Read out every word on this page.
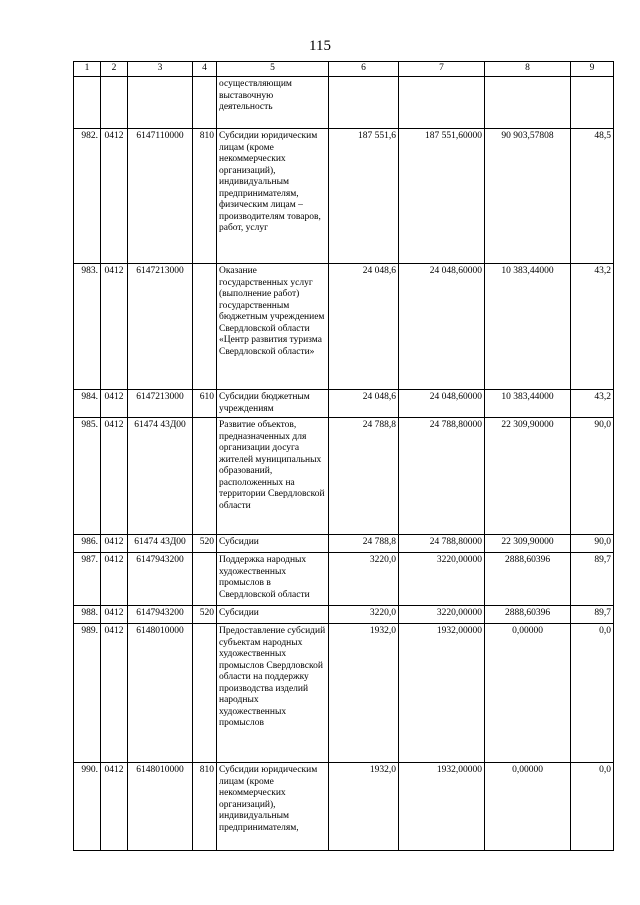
115
1	2	3	4	5	6	7	8	9
				осуществляющим выставочную деятельность				
982.	0412	6147110000	810	Субсидии юридическим лицам (кроме некоммерческих организаций), индивидуальным предпринимателям, физическим лицам – производителям товаров, работ, услуг	187 551,6	187 551,60000	90 903,57808	48,5
983.	0412	6147213000		Оказание государственных услуг (выполнение работ) государственным бюджетным учреждением Свердловской области «Центр развития туризма Свердловской области»	24 048,6	24 048,60000	10 383,44000	43,2
984.	0412	6147213000	610	Субсидии бюджетным учреждениям	24 048,6	24 048,60000	10 383,44000	43,2
985.	0412	61474 43Д00		Развитие объектов, предназначенных для организации досуга жителей муниципальных образований, расположенных на территории Свердловской области	24 788,8	24 788,80000	22 309,90000	90,0
986.	0412	61474 43Д00	520	Субсидии	24 788,8	24 788,80000	22 309,90000	90,0
987.	0412	6147943200		Поддержка народных художественных промыслов в Свердловской области	3220,0	3220,00000	2888,60396	89,7
988.	0412	6147943200	520	Субсидии	3220,0	3220,00000	2888,60396	89,7
989.	0412	6148010000		Предоставление субсидий субъектам народных художественных промыслов Свердловской области на поддержку производства изделий народных художественных промыслов	1932,0	1932,00000	0,00000	0,0
990.	0412	6148010000	810	Субсидии юридическим лицам (кроме некоммерческих организаций), индивидуальным предпринимателям,	1932,0	1932,00000	0,00000	0,0
